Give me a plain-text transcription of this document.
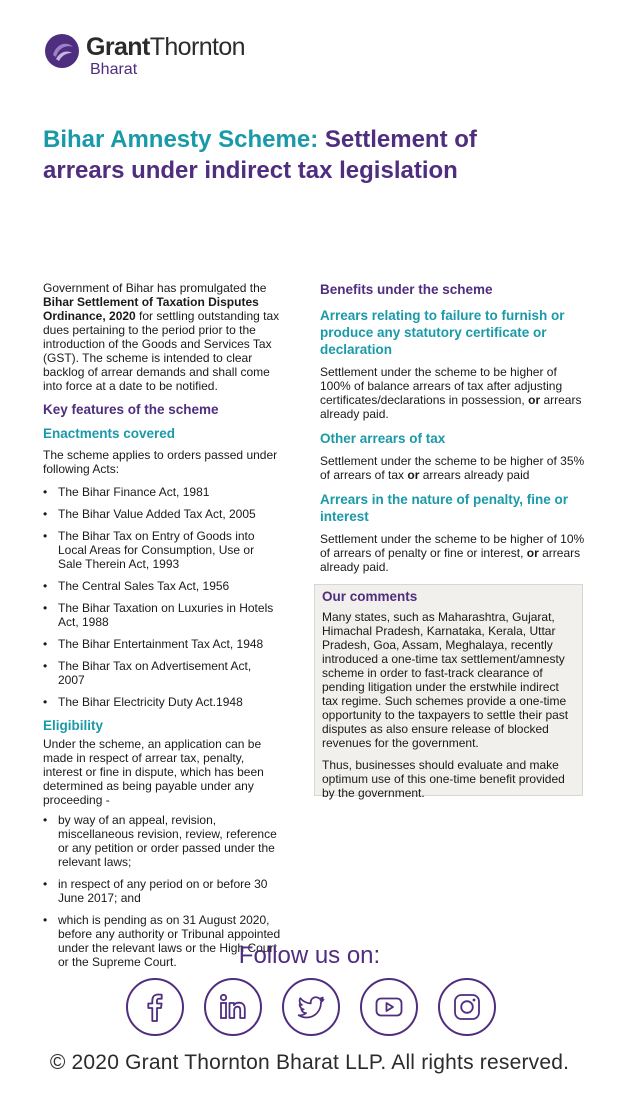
GrantThornton
Bharat
Bihar Amnesty Scheme: Settlement of
arrears under indirect tax legislation

Government of Bihar has promulgated the Bihar Settlement of Taxation Disputes Ordinance, 2020 for settling outstanding tax dues pertaining to the period prior to the introduction of the Goods and Services Tax (GST). The scheme is intended to clear backlog of arrear demands and shall come into force at a date to be notified.

Key features of the scheme
Enactments covered

The scheme applies to orders passed under following Acts:

• The Bihar Finance Act, 1981
• The Bihar Value Added Tax Act, 2005
• The Bihar Tax on Entry of Goods into Local Areas for Consumption, Use or Sale Therein Act, 1993
• The Central Sales Tax Act, 1956
• The Bihar Taxation on Luxuries in Hotels Act, 1988
• The Bihar Entertainment Tax Act, 1948
• The Bihar Tax on Advertisement Act, 2007
• The Bihar Electricity Duty Act.1948
Eligibility

Under the scheme, an application can be made in respect of arrear tax, penalty, interest or fine in dispute, which has been determined as being payable under any proceeding -

• by way of an appeal, revision, miscellaneous revision, review, reference or any petition or order passed under the relevant laws;
• in respect of any period on or before 30 June 2017; and
• which is pending as on 31 August 2020, before any authority or Tribunal appointed under the relevant laws or the High Court or the Supreme Court.
Benefits under the scheme
Arrears relating to failure to furnish or produce any statutory certificate or declaration

Settlement under the scheme to be higher of 100% of balance arrears of tax after adjusting certificates/declarations in possession, or arrears already paid.

Other arrears of tax

Settlement under the scheme to be higher of 35% of arrears of tax or arrears already paid

Arrears in the nature of penalty, fine or interest

Settlement under the scheme to be higher of 10% of arrears of penalty or fine or interest, or arrears already paid.

Our comments

Many states, such as Maharashtra, Gujarat, Himachal Pradesh, Karnataka, Kerala, Uttar Pradesh, Goa, Assam, Meghalaya, recently introduced a one-time tax settlement/amnesty scheme in order to fast-track clearance of pending litigation under the erstwhile indirect tax regime. Such schemes provide a one-time opportunity to the taxpayers to settle their past disputes as also ensure release of blocked revenues for the government.

Thus, businesses should evaluate and make optimum use of this one-time benefit provided by the government.

Follow us on:
© 2020 Grant Thornton Bharat LLP. All rights reserved.
